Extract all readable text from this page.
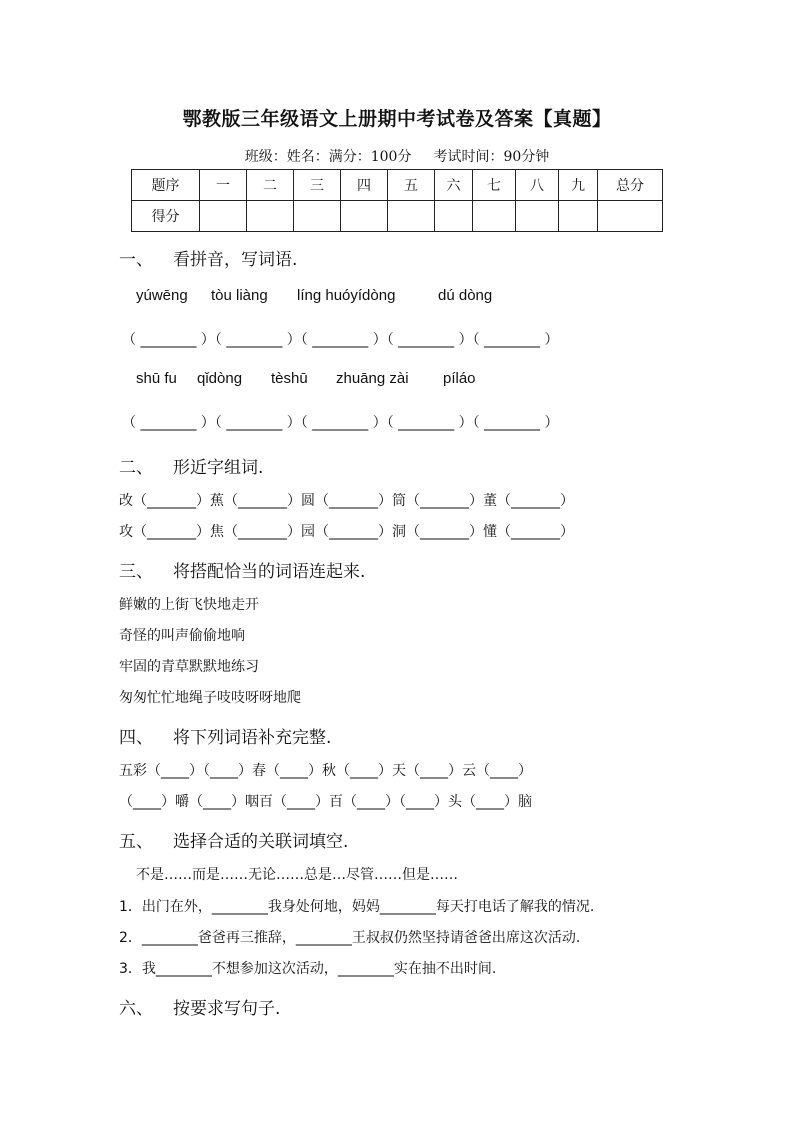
鄂教版三年级语文上册期中考试卷及答案【真题】
班级：姓名：满分：100分 考试时间：90分钟
题序	一	二	三	四	五	六	七	八	九	总分
得分										
一、 看拼音，写词语.
yúwēng tòu liàng líng huóyídòng	dú dòng
（ ________ ）（ ________ ）（ ________ ）（ ________ ）（ ________ ）
shū fu qǐdòng tèshū zhuāng zài píláo
（ ________ ）（ ________ ）（ ________ ）（ ________ ）（ ________ ）
二、 形近字组词.
改（_______）蕉（_______）圆（_______）筒（_______）董（_______）
攻（_______）焦（_______）园（_______）洞（_______）懂（_______）
三、 将搭配恰当的词语连起来.
鲜嫩的上街飞快地走开
奇怪的叫声偷偷地响
牢固的青草默默地练习
匆匆忙忙地绳子吱吱呀呀地爬
四、 将下列词语补充完整.
五彩（____）（____）春（____）秋（____）天（____）云（____）
（____）嚼（____）咽百（____）百（____）（____）头（____）脑
五、 选择合适的关联词填空.
不是……而是……无论……总是…尽管……但是……
1．出门在外，________我身处何地，妈妈________每天打电话了解我的情况.
2．________爸爸再三推辞，________王叔叔仍然坚持请爸爸出席这次活动.
3．我________不想参加这次活动，________实在抽不出时间.
六、 按要求写句子.
